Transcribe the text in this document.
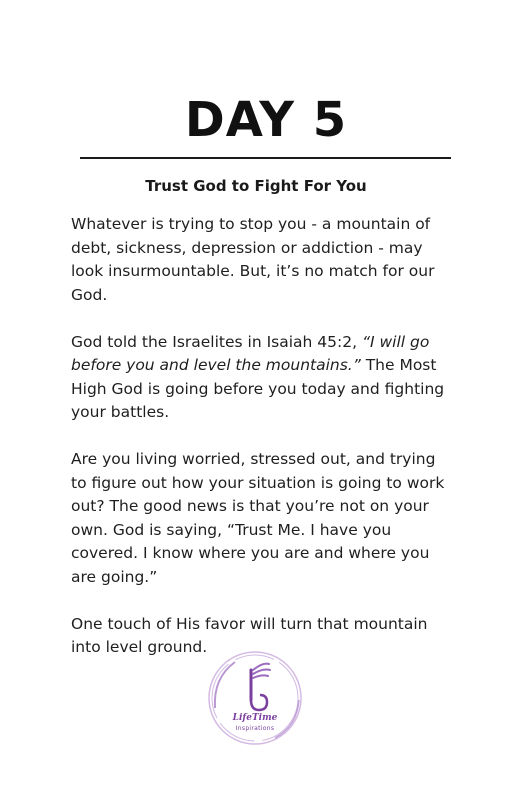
DAY 5
Trust God to Fight For You

Whatever is trying to stop you - a mountain of debt, sickness, depression or addiction - may look insurmountable. But, it’s no match for our God.

God told the Israelites in Isaiah 45:2, “I will go before you and level the mountains.” The Most High God is going before you today and fighting your battles.

Are you living worried, stressed out, and trying to figure out how your situation is going to work out? The good news is that you’re not on your own. God is saying, “Trust Me. I have you covered. I know where you are and where you are going.”

One touch of His favor will turn that mountain into level ground.

LifeTime
Inspirations
